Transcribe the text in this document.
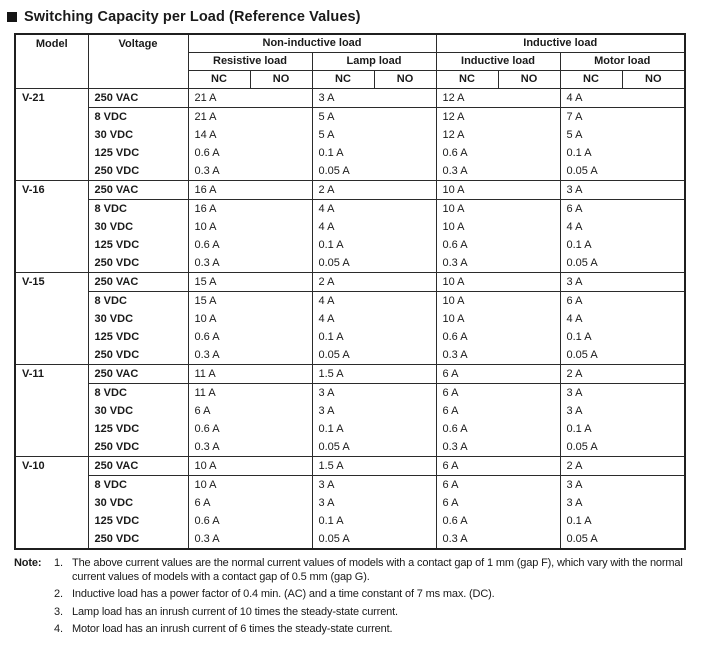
Switching Capacity per Load (Reference Values)
Model	Voltage	Non-inductive load				Inductive load			
		Resistive load		Lamp load		Inductive load		Motor load	
		NC	NO	NC	NO	NC	NO	NC	NO
V-21	250 VAC	21 A		3 A		12 A		4 A	
	8 VDC	21 A		5 A		12 A		7 A	
	30 VDC	14 A		5 A		12 A		5 A	
	125 VDC	0.6 A		0.1 A		0.6 A		0.1 A	
	250 VDC	0.3 A		0.05 A		0.3 A		0.05 A	
V-16	250 VAC	16 A		2 A		10 A		3 A	
	8 VDC	16 A		4 A		10 A		6 A	
	30 VDC	10 A		4 A		10 A		4 A	
	125 VDC	0.6 A		0.1 A		0.6 A		0.1 A	
	250 VDC	0.3 A		0.05 A		0.3 A		0.05 A	
V-15	250 VAC	15 A		2 A		10 A		3 A	
	8 VDC	15 A		4 A		10 A		6 A	
	30 VDC	10 A		4 A		10 A		4 A	
	125 VDC	0.6 A		0.1 A		0.6 A		0.1 A	
	250 VDC	0.3 A		0.05 A		0.3 A		0.05 A	
V-11	250 VAC	11 A		1.5 A		6 A		2 A	
	8 VDC	11 A		3 A		6 A		3 A	
	30 VDC	6 A		3 A		6 A		3 A	
	125 VDC	0.6 A		0.1 A		0.6 A		0.1 A	
	250 VDC	0.3 A		0.05 A		0.3 A		0.05 A	
V-10	250 VAC	10 A		1.5 A		6 A		2 A	
	8 VDC	10 A		3 A		6 A		3 A	
	30 VDC	6 A		3 A		6 A		3 A	
	125 VDC	0.6 A		0.1 A		0.6 A		0.1 A	
	250 VDC	0.3 A		0.05 A		0.3 A		0.05 A	
Note:	1. The above current values are the normal current values of models with a contact gap of 1 mm (gap F), which vary with the normal current values of models with a contact gap of 0.5 mm (gap G).
2. Inductive load has a power factor of 0.4 min. (AC) and a time constant of 7 ms max. (DC).
3. Lamp load has an inrush current of 10 times the steady-state current.
4. Motor load has an inrush current of 6 times the steady-state current.
